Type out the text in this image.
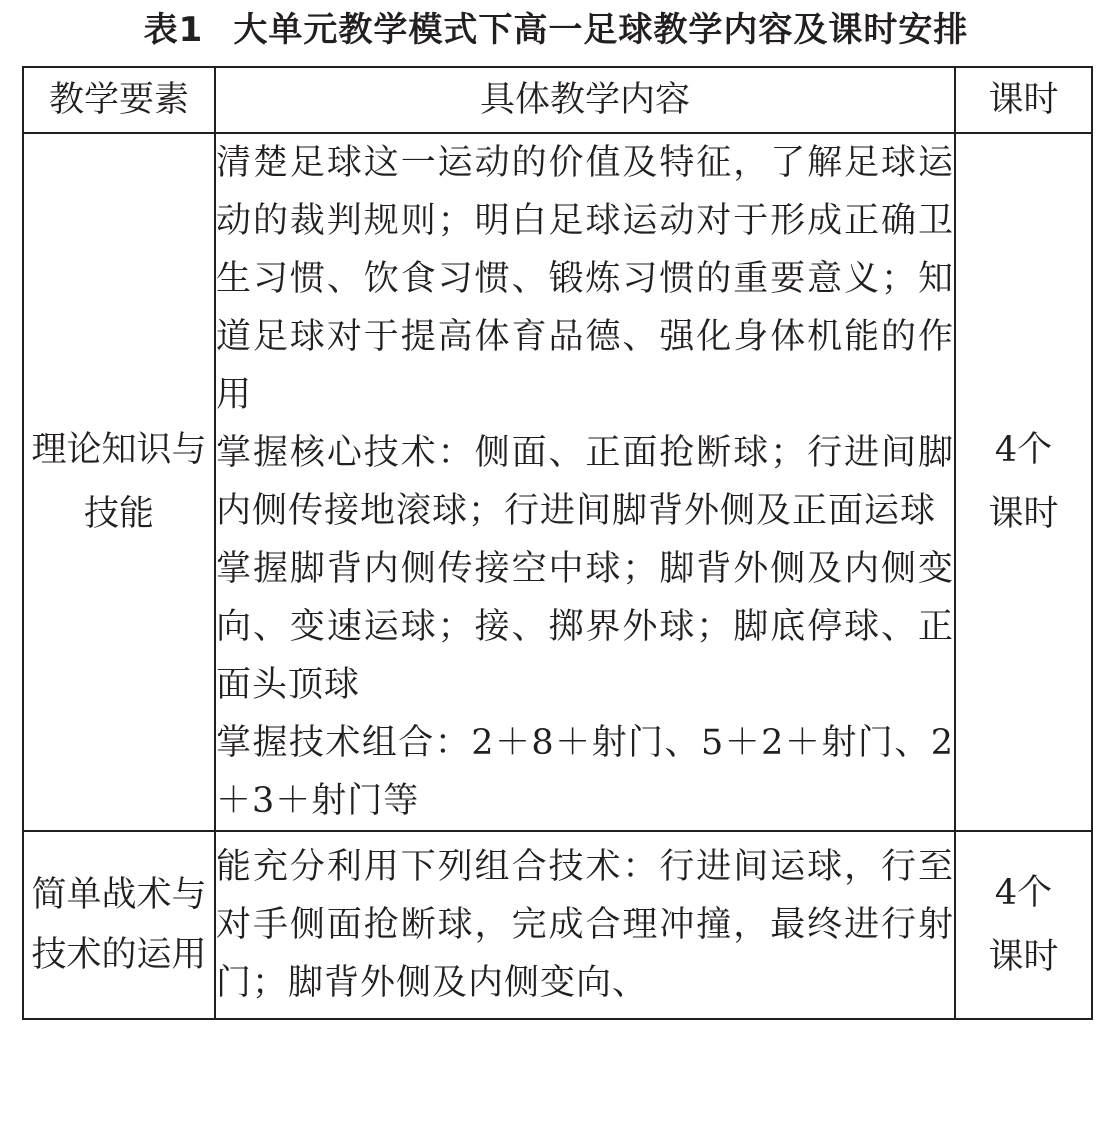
表1 大单元教学模式下高一足球教学内容及课时安排
教学要素	具体教学内容	课时
理论知识与技能	清楚足球这一运动的价值及特征，了解足球运动的裁判规则；明白足球运动对于形成正确卫生习惯、饮食习惯、锻炼习惯的重要意义；知道足球对于提高体育品德、强化身体机能的作用

掌握核心技术：侧面、正面抢断球；行进间脚内侧传接地滚球；行进间脚背外侧及正面运球

掌握脚背内侧传接空中球；脚背外侧及内侧变向、变速运球；接、掷界外球；脚底停球、正面头顶球

掌握技术组合：2＋8＋射门、5＋2＋射门、2＋3＋射门等	4个课时
简单战术与技术的运用	能充分利用下列组合技术：行进间运球，行至对手侧面抢断球，完成合理冲撞，最终进行射门；脚背外侧及内侧变向、	4个课时
